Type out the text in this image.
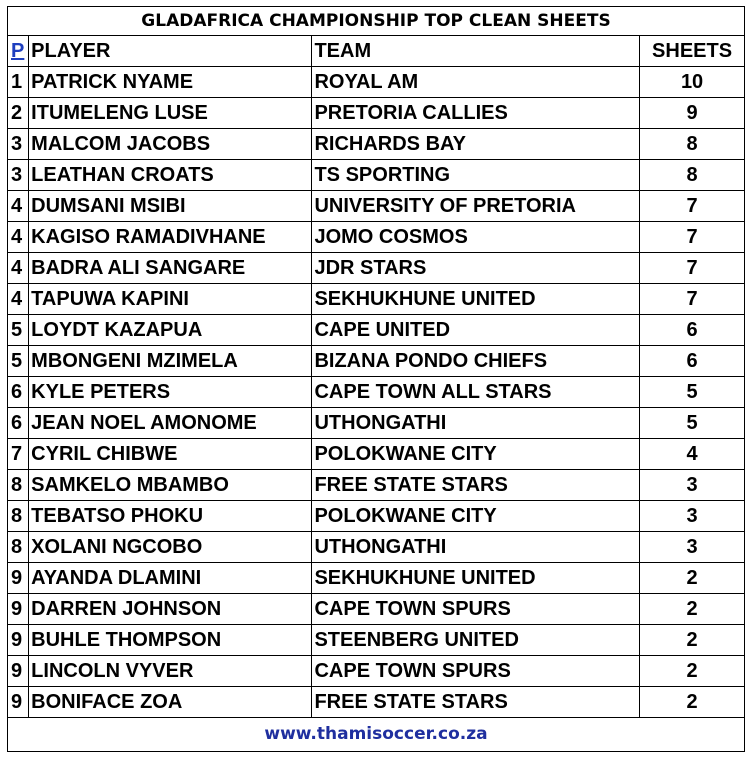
GLADAFRICA CHAMPIONSHIP TOP CLEAN SHEETS			
P	PLAYER	TEAM	SHEETS
1	PATRICK NYAME	ROYAL AM	10
2	ITUMELENG LUSE	PRETORIA CALLIES	9
3	MALCOM JACOBS	RICHARDS BAY	8
3	LEATHAN CROATS	TS SPORTING	8
4	DUMSANI MSIBI	UNIVERSITY OF PRETORIA	7
4	KAGISO RAMADIVHANE	JOMO COSMOS	7
4	BADRA ALI SANGARE	JDR STARS	7
4	TAPUWA KAPINI	SEKHUKHUNE UNITED	7
5	LOYDT KAZAPUA	CAPE UNITED	6
5	MBONGENI MZIMELA	BIZANA PONDO CHIEFS	6
6	KYLE PETERS	CAPE TOWN ALL STARS	5
6	JEAN NOEL AMONOME	UTHONGATHI	5
7	CYRIL CHIBWE	POLOKWANE CITY	4
8	SAMKELO MBAMBO	FREE STATE STARS	3
8	TEBATSO PHOKU	POLOKWANE CITY	3
8	XOLANI NGCOBO	UTHONGATHI	3
9	AYANDA DLAMINI	SEKHUKHUNE UNITED	2
9	DARREN JOHNSON	CAPE TOWN SPURS	2
9	BUHLE THOMPSON	STEENBERG UNITED	2
9	LINCOLN VYVER	CAPE TOWN SPURS	2
9	BONIFACE ZOA	FREE STATE STARS	2
www.thamisoccer.co.za			
